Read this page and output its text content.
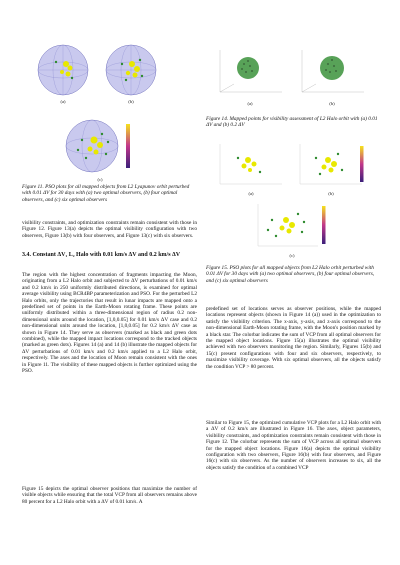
(a)	(b)
(c)
Figure 11. PSO plots for all mapped objects from L2 Lyapunov orbit perturbed with 0.01 ΔV for 30 days with (a) two optimal observers, (b) four optimal observers, and (c) six optimal observers
visibility constraints, and optimization constraints remain consistent with those in Figure 12. Figure 13(a) depicts the optimal visibility configuration with two observers, Figure 13(b) with four observers, and Figure 13(c) with six observers.
3.4. Constant ΔV₁ L₂ Halo with 0.01 km/s ΔV and 0.2 km/s ΔV
The region with the highest concentration of fragments impacting the Moon, originating from a L2 Halo orbit and subjected to ΔV perturbations of 0.01 km/s and 0.2 km/s in 250 uniformly distributed directions, is examined for optimal average visibility using BCR4BP parameterization and PSO. For the perturbed L2 Halo orbits, only the trajectories that result in lunar impacts are mapped onto a predefined set of points in the Earth-Moon rotating frame. These points are uniformly distributed within a three-dimensional region of radius 0.2 non-dimensional units around the location, [1,0,0.05] for 0.01 km/s ΔV case and 0.2 non-dimensional units around the location, [1,0,0.05] for 0.2 km/s ΔV case as shown in Figure 14. They serve as observers (marked as black and green dots combined), while the mapped impact locations correspond to the tracked objects (marked as green dots). Figures 14 (a) and 14 (b) illustrate the mapped objects for ΔV perturbations of 0.01 km/s and 0.2 km/s applied to a L2 Halo orbit, respectively. The axes and the location of Moon remain consistent with the ones in Figure 11. The visibility of these mapped objects is further optimized using the PSO.
Figure 15 depicts the optimal observer positions that maximize the number of visible objects while ensuring that the total VCP from all observers remains above 80 percent for a L2 Halo orbit with a ΔV of 0.01 km/s. A
(a)	(b)
Figure 14. Mapped points for visibility assessment of L2 Halo orbit with (a) 0.01 ΔV and (b) 0.2 ΔV
(a)	(b)
(c)
Figure 15. PSO plots for all mapped objects from L2 Halo orbit perturbed with 0.01 ΔV for 30 days with (a) two optimal observers, (b) four optimal observers, and (c) six optimal observers
predefined set of locations serves as observer positions, while the mapped locations represent objects (shown in Figure 14 (a)) used in the optimization to satisfy the visibility criterion. The x-axis, y-axis, and z-axis correspond to the non-dimensional Earth-Moon rotating frame, with the Moon's position marked by a black star. The colorbar indicates the sum of VCP from all optimal observers for the mapped object locations. Figure 15(a) illustrates the optimal visibility achieved with two observers monitoring the region. Similarly, Figures 15(b) and 15(c) present configurations with four and six observers, respectively, to maximize visibility coverage. With six optimal observers, all the objects satisfy the condition VCP > 80 percent.
Similar to Figure 15, the optimized cumulative VCP plots for a L2 Halo orbit with a ΔV of 0.2 km/s are illustrated in Figure 16. The axes, object parameters, visibility constraints, and optimization constraints remain consistent with those in Figure 12. The colorbar represents the sum of VCP across all optimal observers for the mapped object locations. Figure 16(a) depicts the optimal visibility configuration with two observers, Figure 16(b) with four observers, and Figure 16(c) with six observers. As the number of observers increases to six, all the objects satisfy the condition of a combined VCP
